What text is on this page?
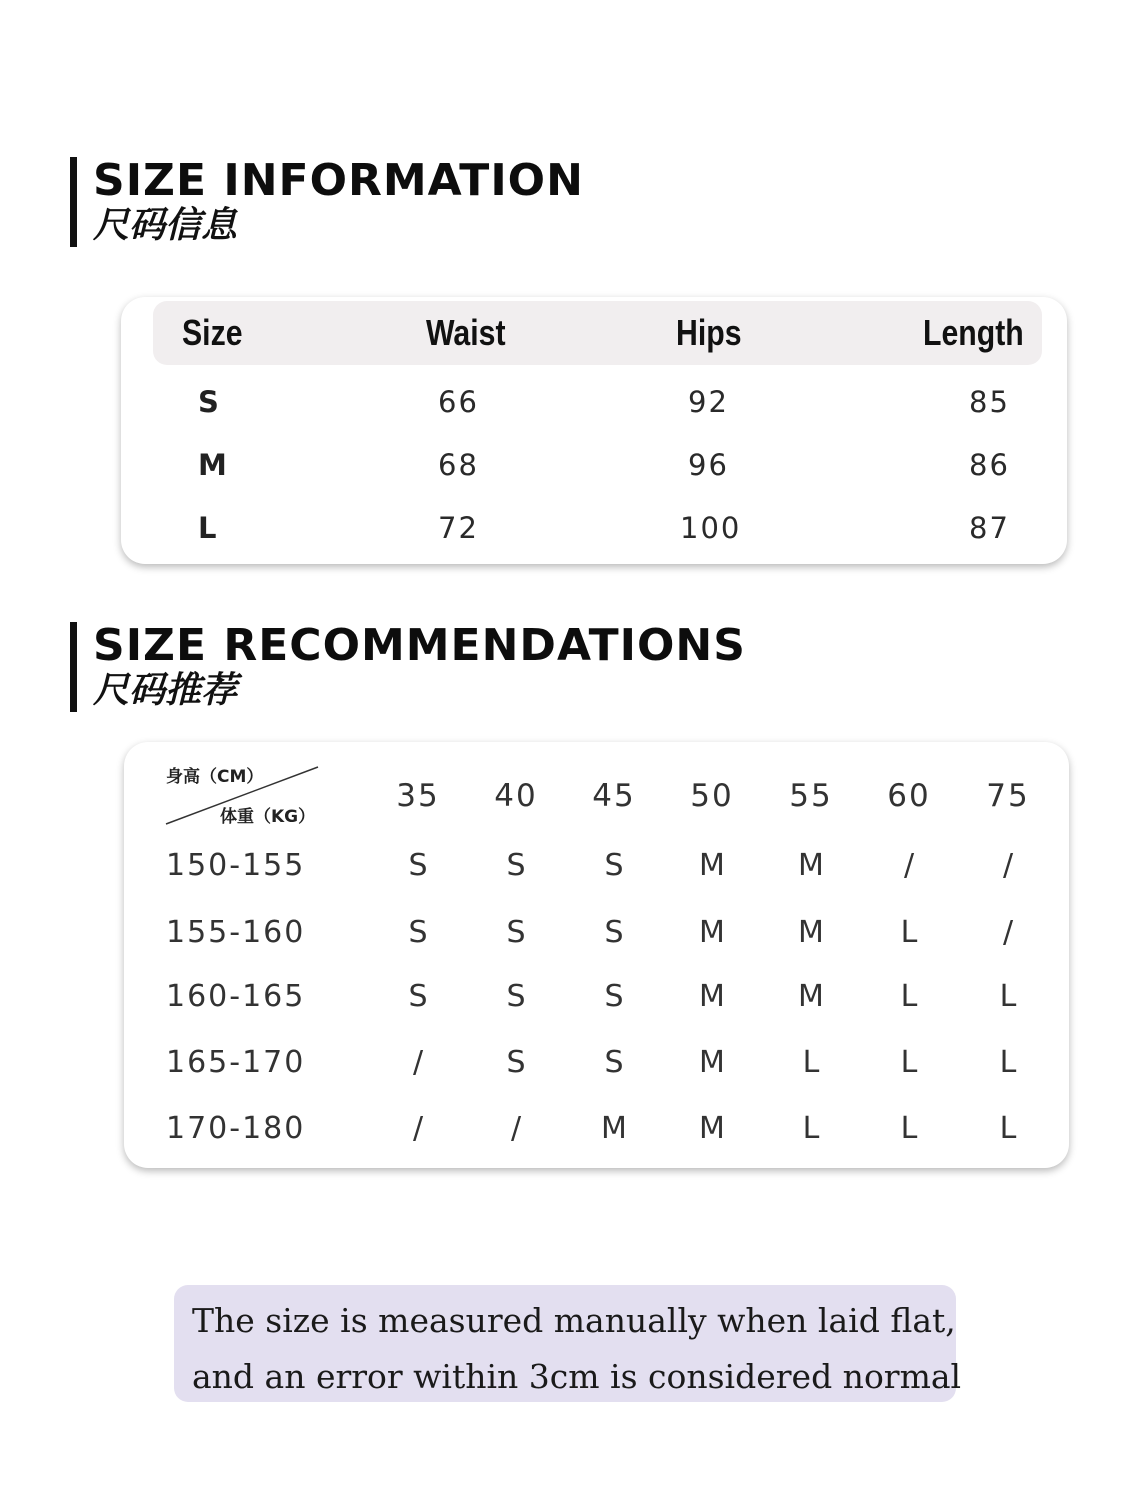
SIZE INFORMATION
尺码信息
Size	Waist	Hips	Length
S	66	92	85
M	68	96	86
L	72	100	87
SIZE RECOMMENDATIONS
尺码推荐
身高（CM）
体重（KG）
35	40	45	50	55	60	75
150-155	S	S	S	M	M	/	/
155-160	S	S	S	M	M	L	/
160-165	S	S	S	M	M	L	L
165-170	/	S	S	M	L	L	L
170-180	/	/	M	M	L	L	L

The size is measured manually when laid flat,

and an error within 3cm is considered normal
